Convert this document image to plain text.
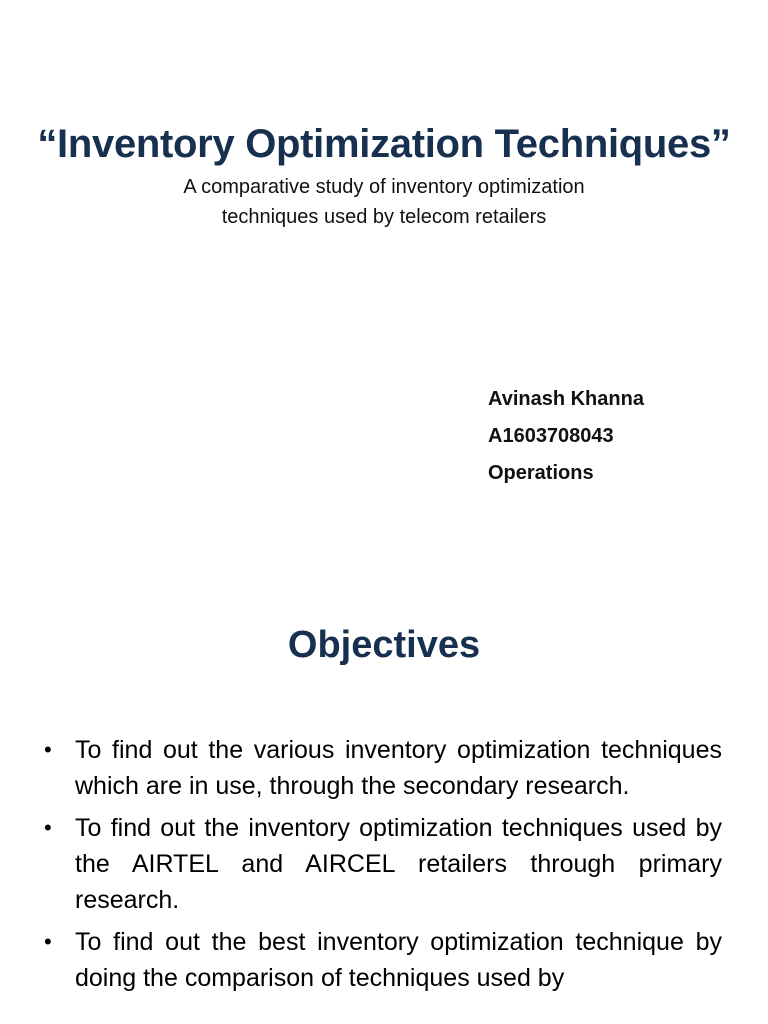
“Inventory Optimization Techniques”
A comparative study of inventory optimization
techniques used by telecom retailers
Avinash Khanna
A1603708043
Operations
Objectives
• To find out the various inventory optimization techniques which are in use, through the secondary research.
• To find out the inventory optimization techniques used by the AIRTEL and AIRCEL retailers through primary research.
• To find out the best inventory optimization technique by doing the comparison of techniques used by
